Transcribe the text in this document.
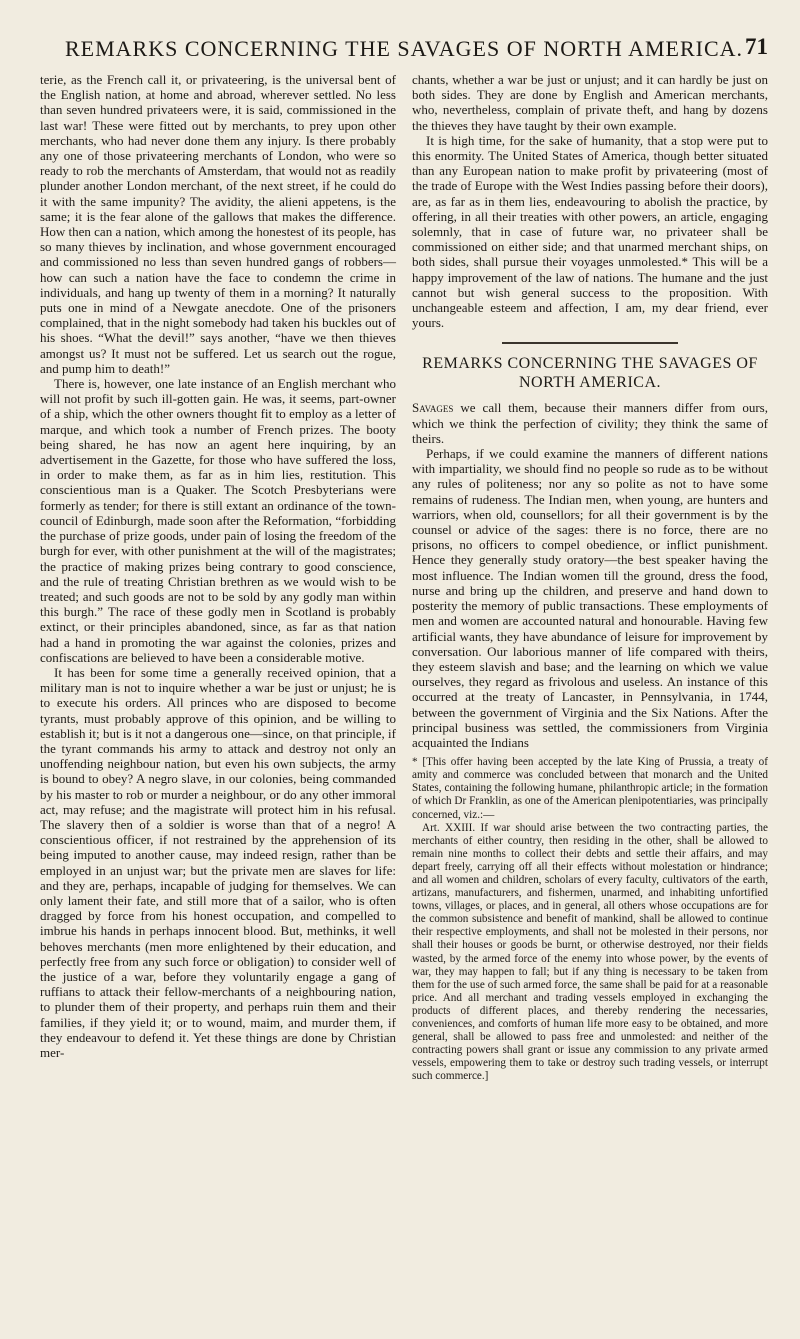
REMARKS CONCERNING THE SAVAGES OF NORTH AMERICA. 71

terie, as the French call it, or privateering, is the universal bent of the English nation, at home and abroad, wherever settled. No less than seven hundred privateers were, it is said, commissioned in the last war! These were fitted out by merchants, to prey upon other merchants, who had never done them any injury. Is there probably any one of those privateering merchants of London, who were so ready to rob the merchants of Amsterdam, that would not as readily plunder another London merchant, of the next street, if he could do it with the same impunity? The avidity, the alieni appetens, is the same; it is the fear alone of the gallows that makes the difference. How then can a nation, which among the honestest of its people, has so many thieves by inclination, and whose government encouraged and commissioned no less than seven hundred gangs of robbers—how can such a nation have the face to condemn the crime in individuals, and hang up twenty of them in a morning? It naturally puts one in mind of a Newgate anecdote. One of the prisoners complained, that in the night somebody had taken his buckles out of his shoes. “What the devil!” says another, “have we then thieves amongst us? It must not be suffered. Let us search out the rogue, and pump him to death!”

There is, however, one late instance of an English merchant who will not profit by such ill-gotten gain. He was, it seems, part-owner of a ship, which the other owners thought fit to employ as a letter of marque, and which took a number of French prizes. The booty being shared, he has now an agent here inquiring, by an advertisement in the Gazette, for those who have suffered the loss, in order to make them, as far as in him lies, restitution. This conscientious man is a Quaker. The Scotch Presbyterians were formerly as tender; for there is still extant an ordinance of the town-council of Edinburgh, made soon after the Reformation, “forbidding the purchase of prize goods, under pain of losing the freedom of the burgh for ever, with other punishment at the will of the magistrates; the practice of making prizes being contrary to good conscience, and the rule of treating Christian brethren as we would wish to be treated; and such goods are not to be sold by any godly man within this burgh.” The race of these godly men in Scotland is probably extinct, or their principles abandoned, since, as far as that nation had a hand in promoting the war against the colonies, prizes and confiscations are believed to have been a considerable motive.

It has been for some time a generally received opinion, that a military man is not to inquire whether a war be just or unjust; he is to execute his orders. All princes who are disposed to become tyrants, must probably approve of this opinion, and be willing to establish it; but is it not a dangerous one—since, on that principle, if the tyrant commands his army to attack and destroy not only an unoffending neighbour nation, but even his own subjects, the army is bound to obey? A negro slave, in our colonies, being commanded by his master to rob or murder a neighbour, or do any other immoral act, may refuse; and the magistrate will protect him in his refusal. The slavery then of a soldier is worse than that of a negro! A conscientious officer, if not restrained by the apprehension of its being imputed to another cause, may indeed resign, rather than be employed in an unjust war; but the private men are slaves for life: and they are, perhaps, incapable of judging for themselves. We can only lament their fate, and still more that of a sailor, who is often dragged by force from his honest occupation, and compelled to imbrue his hands in perhaps innocent blood. But, methinks, it well behoves merchants (men more enlightened by their education, and perfectly free from any such force or obligation) to consider well of the justice of a war, before they voluntarily engage a gang of ruffians to attack their fellow-merchants of a neighbouring nation, to plunder them of their property, and perhaps ruin them and their families, if they yield it; or to wound, maim, and murder them, if they endeavour to defend it. Yet these things are done by Christian mer-

chants, whether a war be just or unjust; and it can hardly be just on both sides. They are done by English and American merchants, who, nevertheless, complain of private theft, and hang by dozens the thieves they have taught by their own example.

It is high time, for the sake of humanity, that a stop were put to this enormity. The United States of America, though better situated than any European nation to make profit by privateering (most of the trade of Europe with the West Indies passing before their doors), are, as far as in them lies, endeavouring to abolish the practice, by offering, in all their treaties with other powers, an article, engaging solemnly, that in case of future war, no privateer shall be commissioned on either side; and that unarmed merchant ships, on both sides, shall pursue their voyages unmolested.* This will be a happy improvement of the law of nations. The humane and the just cannot but wish general success to the proposition. With unchangeable esteem and affection, I am, my dear friend, ever yours.

REMARKS CONCERNING THE SAVAGES OF NORTH AMERICA.

Savages we call them, because their manners differ from ours, which we think the perfection of civility; they think the same of theirs.

Perhaps, if we could examine the manners of different nations with impartiality, we should find no people so rude as to be without any rules of politeness; nor any so polite as not to have some remains of rudeness. The Indian men, when young, are hunters and warriors, when old, counsellors; for all their government is by the counsel or advice of the sages: there is no force, there are no prisons, no officers to compel obedience, or inflict punishment. Hence they generally study oratory—the best speaker having the most influence. The Indian women till the ground, dress the food, nurse and bring up the children, and preserve and hand down to posterity the memory of public transactions. These employments of men and women are accounted natural and honourable. Having few artificial wants, they have abundance of leisure for improvement by conversation. Our laborious manner of life compared with theirs, they esteem slavish and base; and the learning on which we value ourselves, they regard as frivolous and useless. An instance of this occurred at the treaty of Lancaster, in Pennsylvania, in 1744, between the government of Virginia and the Six Nations. After the principal business was settled, the commissioners from Virginia acquainted the Indians

* [This offer having been accepted by the late King of Prussia, a treaty of amity and commerce was concluded between that monarch and the United States, containing the following humane, philanthropic article; in the formation of which Dr Franklin, as one of the American plenipotentiaries, was principally concerned, viz.:—

Art. XXIII. If war should arise between the two contracting parties, the merchants of either country, then residing in the other, shall be allowed to remain nine months to collect their debts and settle their affairs, and may depart freely, carrying off all their effects without molestation or hindrance; and all women and children, scholars of every faculty, cultivators of the earth, artizans, manufacturers, and fishermen, unarmed, and inhabiting unfortified towns, villages, or places, and in general, all others whose occupations are for the common subsistence and benefit of mankind, shall be allowed to continue their respective employments, and shall not be molested in their persons, nor shall their houses or goods be burnt, or otherwise destroyed, nor their fields wasted, by the armed force of the enemy into whose power, by the events of war, they may happen to fall; but if any thing is necessary to be taken from them for the use of such armed force, the same shall be paid for at a reasonable price. And all merchant and trading vessels employed in exchanging the products of different places, and thereby rendering the necessaries, conveniences, and comforts of human life more easy to be obtained, and more general, shall be allowed to pass free and unmolested: and neither of the contracting powers shall grant or issue any commission to any private armed vessels, empowering them to take or destroy such trading vessels, or interrupt such commerce.]
